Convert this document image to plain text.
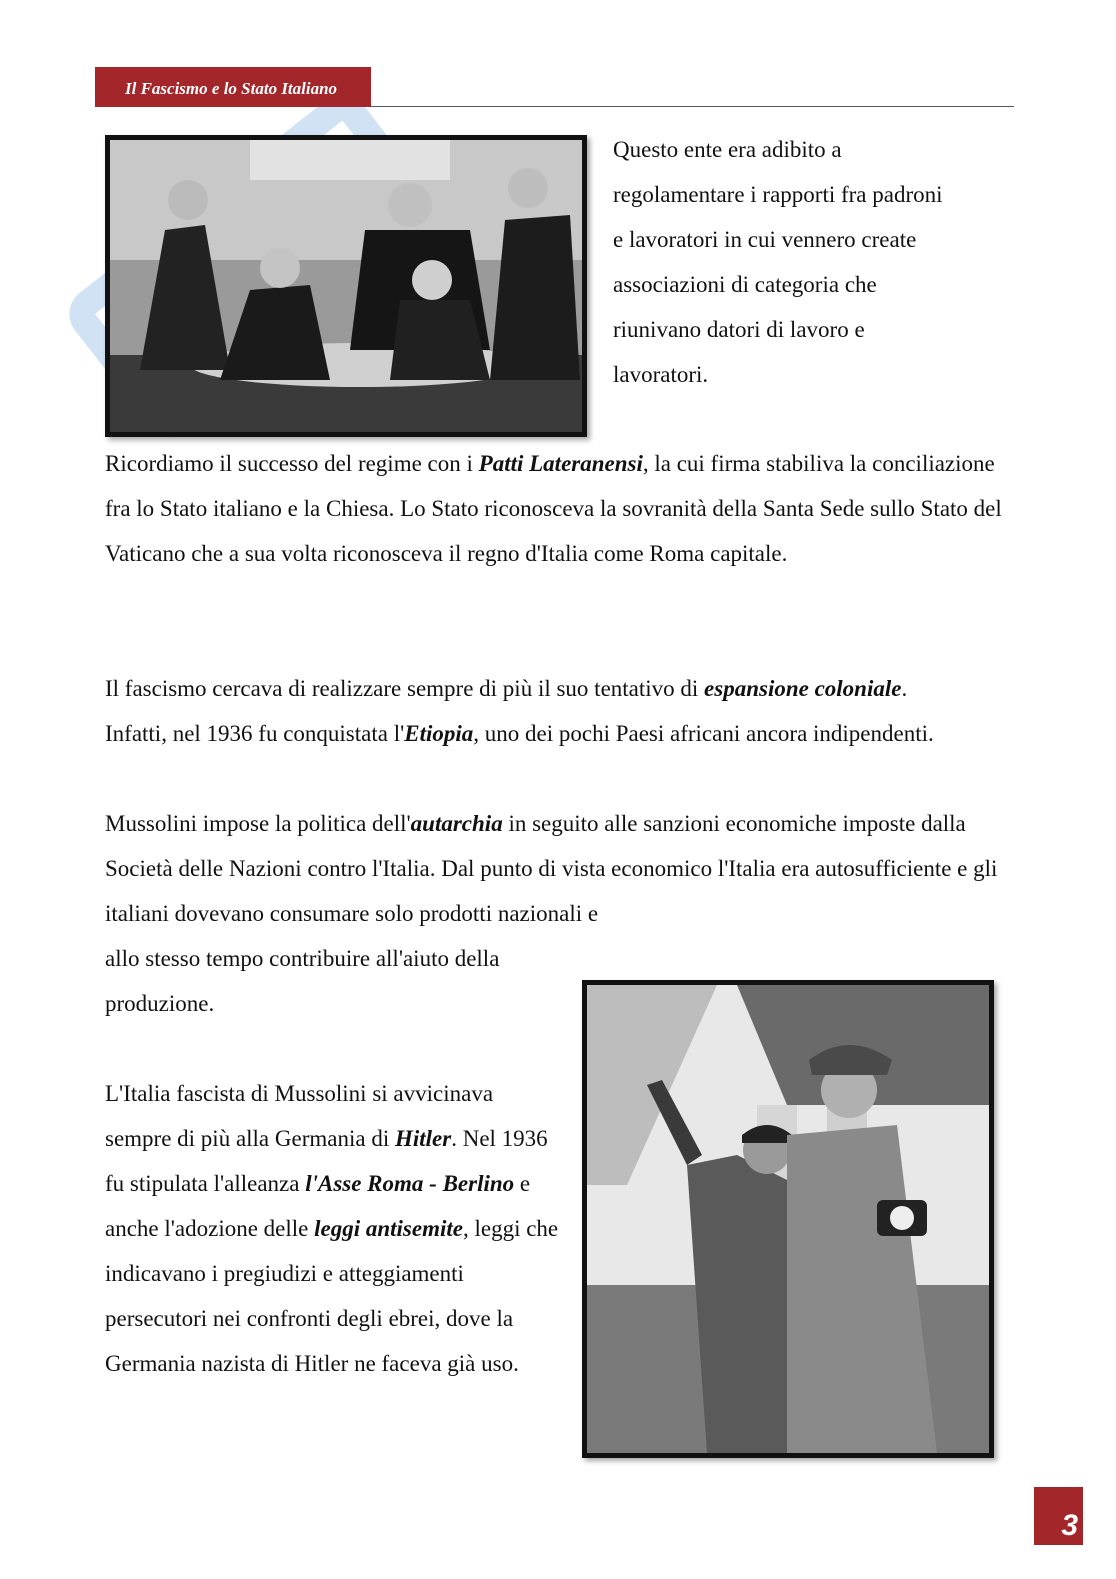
Il Fascismo e lo Stato Italiano
Questo ente era adibito a
regolamentare i rapporti fra padroni
e lavoratori in cui vennero create
associazioni di categoria che
riunivano datori di lavoro e
lavoratori.

Ricordiamo il successo del regime con i Patti Lateranensi, la cui firma stabiliva la conciliazione fra lo Stato italiano e la Chiesa. Lo Stato riconosceva la sovranità della Santa Sede sullo Stato del Vaticano che a sua volta riconosceva il regno d'Italia come Roma capitale.

Il fascismo cercava di realizzare sempre di più il suo tentativo di espansione coloniale. Infatti, nel 1936 fu conquistata l'Etiopia, uno dei pochi Paesi africani ancora indipendenti.

Mussolini impose la politica dell'autarchia in seguito alle sanzioni economiche imposte dalla Società delle Nazioni contro l'Italia. Dal punto di vista economico l'Italia era autosufficiente e gli italiani dovevano consumare solo prodotti nazionali e

allo stesso tempo contribuire all'aiuto della
produzione.

L'Italia fascista di Mussolini si avvicinava sempre di più alla Germania di Hitler. Nel 1936 fu stipulata l'alleanza l'Asse Roma - Berlino e anche l'adozione delle leggi antisemite, leggi che indicavano i pregiudizi e atteggiamenti persecutori nei confronti degli ebrei, dove la Germania nazista di Hitler ne faceva già uso.

3
